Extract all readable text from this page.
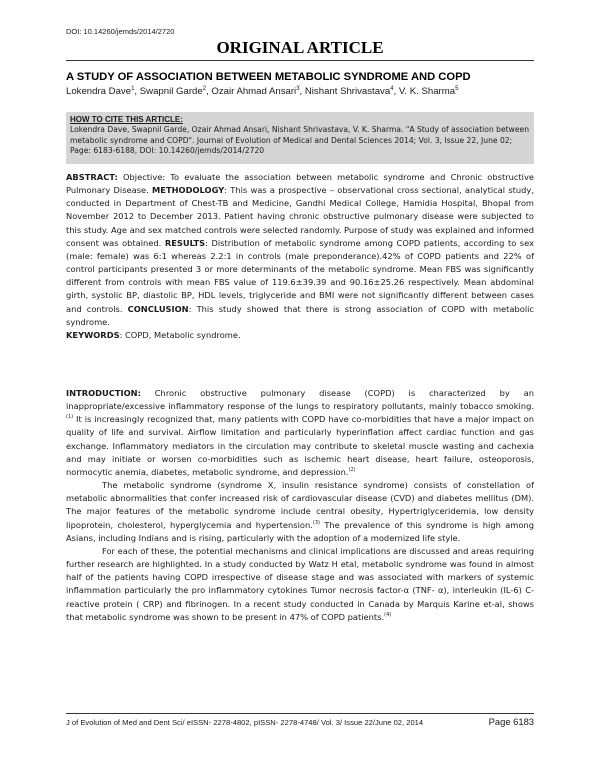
DOI: 10.14260/jemds/2014/2720
ORIGINAL ARTICLE
A STUDY OF ASSOCIATION BETWEEN METABOLIC SYNDROME AND COPD
Lokendra Dave$^1$, Swapnil Garde$^2$, Ozair Ahmad Ansari$^3$, Nishant Shrivastava$^4$, V. K. Sharma$^5$
HOW TO CITE THIS ARTICLE:
Lokendra Dave, Swapnil Garde, Ozair Ahmad Ansari, Nishant Shrivastava, V. K. Sharma. "A Study of association between metabolic syndrome and COPD". Journal of Evolution of Medical and Dental Sciences 2014; Vol. 3, Issue 22, June 02; Page: 6183-6188, DOI: 10.14260/jemds/2014/2720

ABSTRACT: Objective: To evaluate the association between metabolic syndrome and Chronic obstructive Pulmonary Disease. METHODOLOGY: This was a prospective – observational cross sectional, analytical study, conducted in Department of Chest-TB and Medicine, Gandhi Medical College, Hamidia Hospital, Bhopal from November 2012 to December 2013. Patient having chronic obstructive pulmonary disease were subjected to this study. Age and sex matched controls were selected randomly. Purpose of study was explained and informed consent was obtained. RESULTS: Distribution of metabolic syndrome among COPD patients, according to sex (male: female) was 6:1 whereas 2.2:1 in controls (male preponderance).42% of COPD patients and 22% of control participants presented 3 or more determinants of the metabolic syndrome. Mean FBS was significantly different from controls with mean FBS value of 119.6±39.39 and 90.16±25.26 respectively. Mean abdominal girth, systolic BP, diastolic BP, HDL levels, triglyceride and BMI were not significantly different between cases and controls. CONCLUSION: This study showed that there is strong association of COPD with metabolic syndrome.

KEYWORDS: COPD, Metabolic syndrome.

INTRODUCTION: Chronic obstructive pulmonary disease (COPD) is characterized by an inappropriate/excessive inflammatory response of the lungs to respiratory pollutants, mainly tobacco smoking.$^{(1)}$ It is increasingly recognized that, many patients with COPD have co-morbidities that have a major impact on quality of life and survival. Airflow limitation and particularly hyperinflation affect cardiac function and gas exchange. Inflammatory mediators in the circulation may contribute to skeletal muscle wasting and cachexia and may initiate or worsen co-morbidities such as ischemic heart disease, heart failure, osteoporosis, normocytic anemia, diabetes, metabolic syndrome, and depression.$^{(2)}$

The metabolic syndrome (syndrome X, insulin resistance syndrome) consists of constellation of metabolic abnormalities that confer increased risk of cardiovascular disease (CVD) and diabetes mellitus (DM). The major features of the metabolic syndrome include central obesity, Hypertriglyceridemia, low density lipoprotein, cholesterol, hyperglycemia and hypertension.$^{(3)}$ The prevalence of this syndrome is high among Asians, including Indians and is rising, particularly with the adoption of a modernized life style.

For each of these, the potential mechanisms and clinical implications are discussed and areas requiring further research are highlighted. In a study conducted by Watz H etal, metabolic syndrome was found in almost half of the patients having COPD irrespective of disease stage and was associated with markers of systemic inflammation particularly the pro inflammatory cytokines Tumor necrosis factor-α (TNF- α), interleukin (IL-6) C-reactive protein ( CRP) and fibrinogen. In a recent study conducted in Canada by Marquis Karine et-al, shows that metabolic syndrome was shown to be present in 47% of COPD patients.$^{(4)}$

J of Evolution of Med and Dent Sci/ eISSN- 2278-4802, pISSN- 2278-4748/ Vol. 3/ Issue 22/June 02, 2014	Page 6183
